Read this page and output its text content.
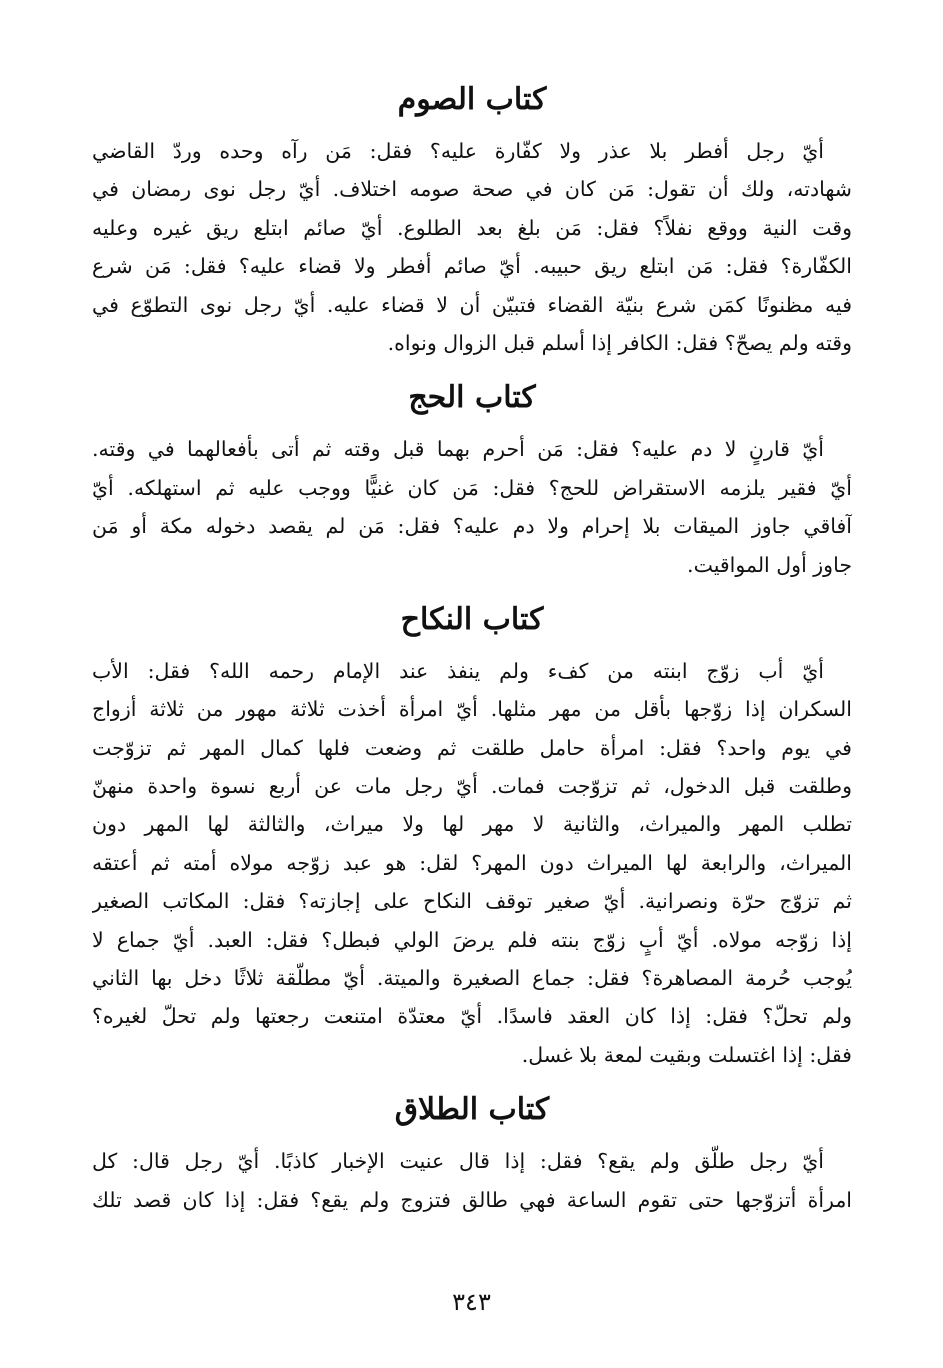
كتاب الصوم
أيّ رجل أفطر بلا عذر ولا كفّارة عليه؟ فقل: مَن رآه وحده وردّ القاضي
شهادته، ولك أن تقول: مَن كان في صحة صومه اختلاف. أيّ رجل نوى رمضان في
وقت النية ووقع نفلاً؟ فقل: مَن بلغ بعد الطلوع. أيّ صائم ابتلع ريق غيره وعليه
الكفّارة؟ فقل: مَن ابتلع ريق حبيبه. أيّ صائم أفطر ولا قضاء عليه؟ فقل: مَن شرع
فيه مظنونًا كمَن شرع بنيّة القضاء فتبيّن أن لا قضاء عليه. أيّ رجل نوى التطوّع في
وقته ولم يصحّ؟ فقل: الكافر إذا أسلم قبل الزوال ونواه.
كتاب الحج
أيّ قارنٍ لا دم عليه؟ فقل: مَن أحرم بهما قبل وقته ثم أتى بأفعالهما في وقته.
أيّ فقير يلزمه الاستقراض للحج؟ فقل: مَن كان غنيًّا ووجب عليه ثم استهلكه. أيّ
آفاقي جاوز الميقات بلا إحرام ولا دم عليه؟ فقل: مَن لم يقصد دخوله مكة أو مَن
جاوز أول المواقيت.
كتاب النكاح
أيّ أب زوّج ابنته من كفء ولم ينفذ عند الإمام رحمه الله؟ فقل: الأب
السكران إذا زوّجها بأقل من مهر مثلها. أيّ امرأة أخذت ثلاثة مهور من ثلاثة أزواج
في يوم واحد؟ فقل: امرأة حامل طلقت ثم وضعت فلها كمال المهر ثم تزوّجت
وطلقت قبل الدخول، ثم تزوّجت فمات. أيّ رجل مات عن أربع نسوة واحدة منهنّ
تطلب المهر والميراث، والثانية لا مهر لها ولا ميراث، والثالثة لها المهر دون
الميراث، والرابعة لها الميراث دون المهر؟ لقل: هو عبد زوّجه مولاه أمته ثم أعتقه
ثم تزوّج حرّة ونصرانية. أيّ صغير توقف النكاح على إجازته؟ فقل: المكاتب الصغير
إذا زوّجه مولاه. أيّ أبٍ زوّج بنته فلم يرضَ الولي فبطل؟ فقل: العبد. أيّ جماع لا
يُوجب حُرمة المصاهرة؟ فقل: جماع الصغيرة والميتة. أيّ مطلّقة ثلاثًا دخل بها الثاني
ولم تحلّ؟ فقل: إذا كان العقد فاسدًا. أيّ معتدّة امتنعت رجعتها ولم تحلّ لغيره؟
فقل: إذا اغتسلت وبقيت لمعة بلا غسل.
كتاب الطلاق
أيّ رجل طلّق ولم يقع؟ فقل: إذا قال عنيت الإخبار كاذبًا. أيّ رجل قال: كل
امرأة أتزوّجها حتى تقوم الساعة فهي طالق فتزوج ولم يقع؟ فقل: إذا كان قصد تلك
٣٤٣
